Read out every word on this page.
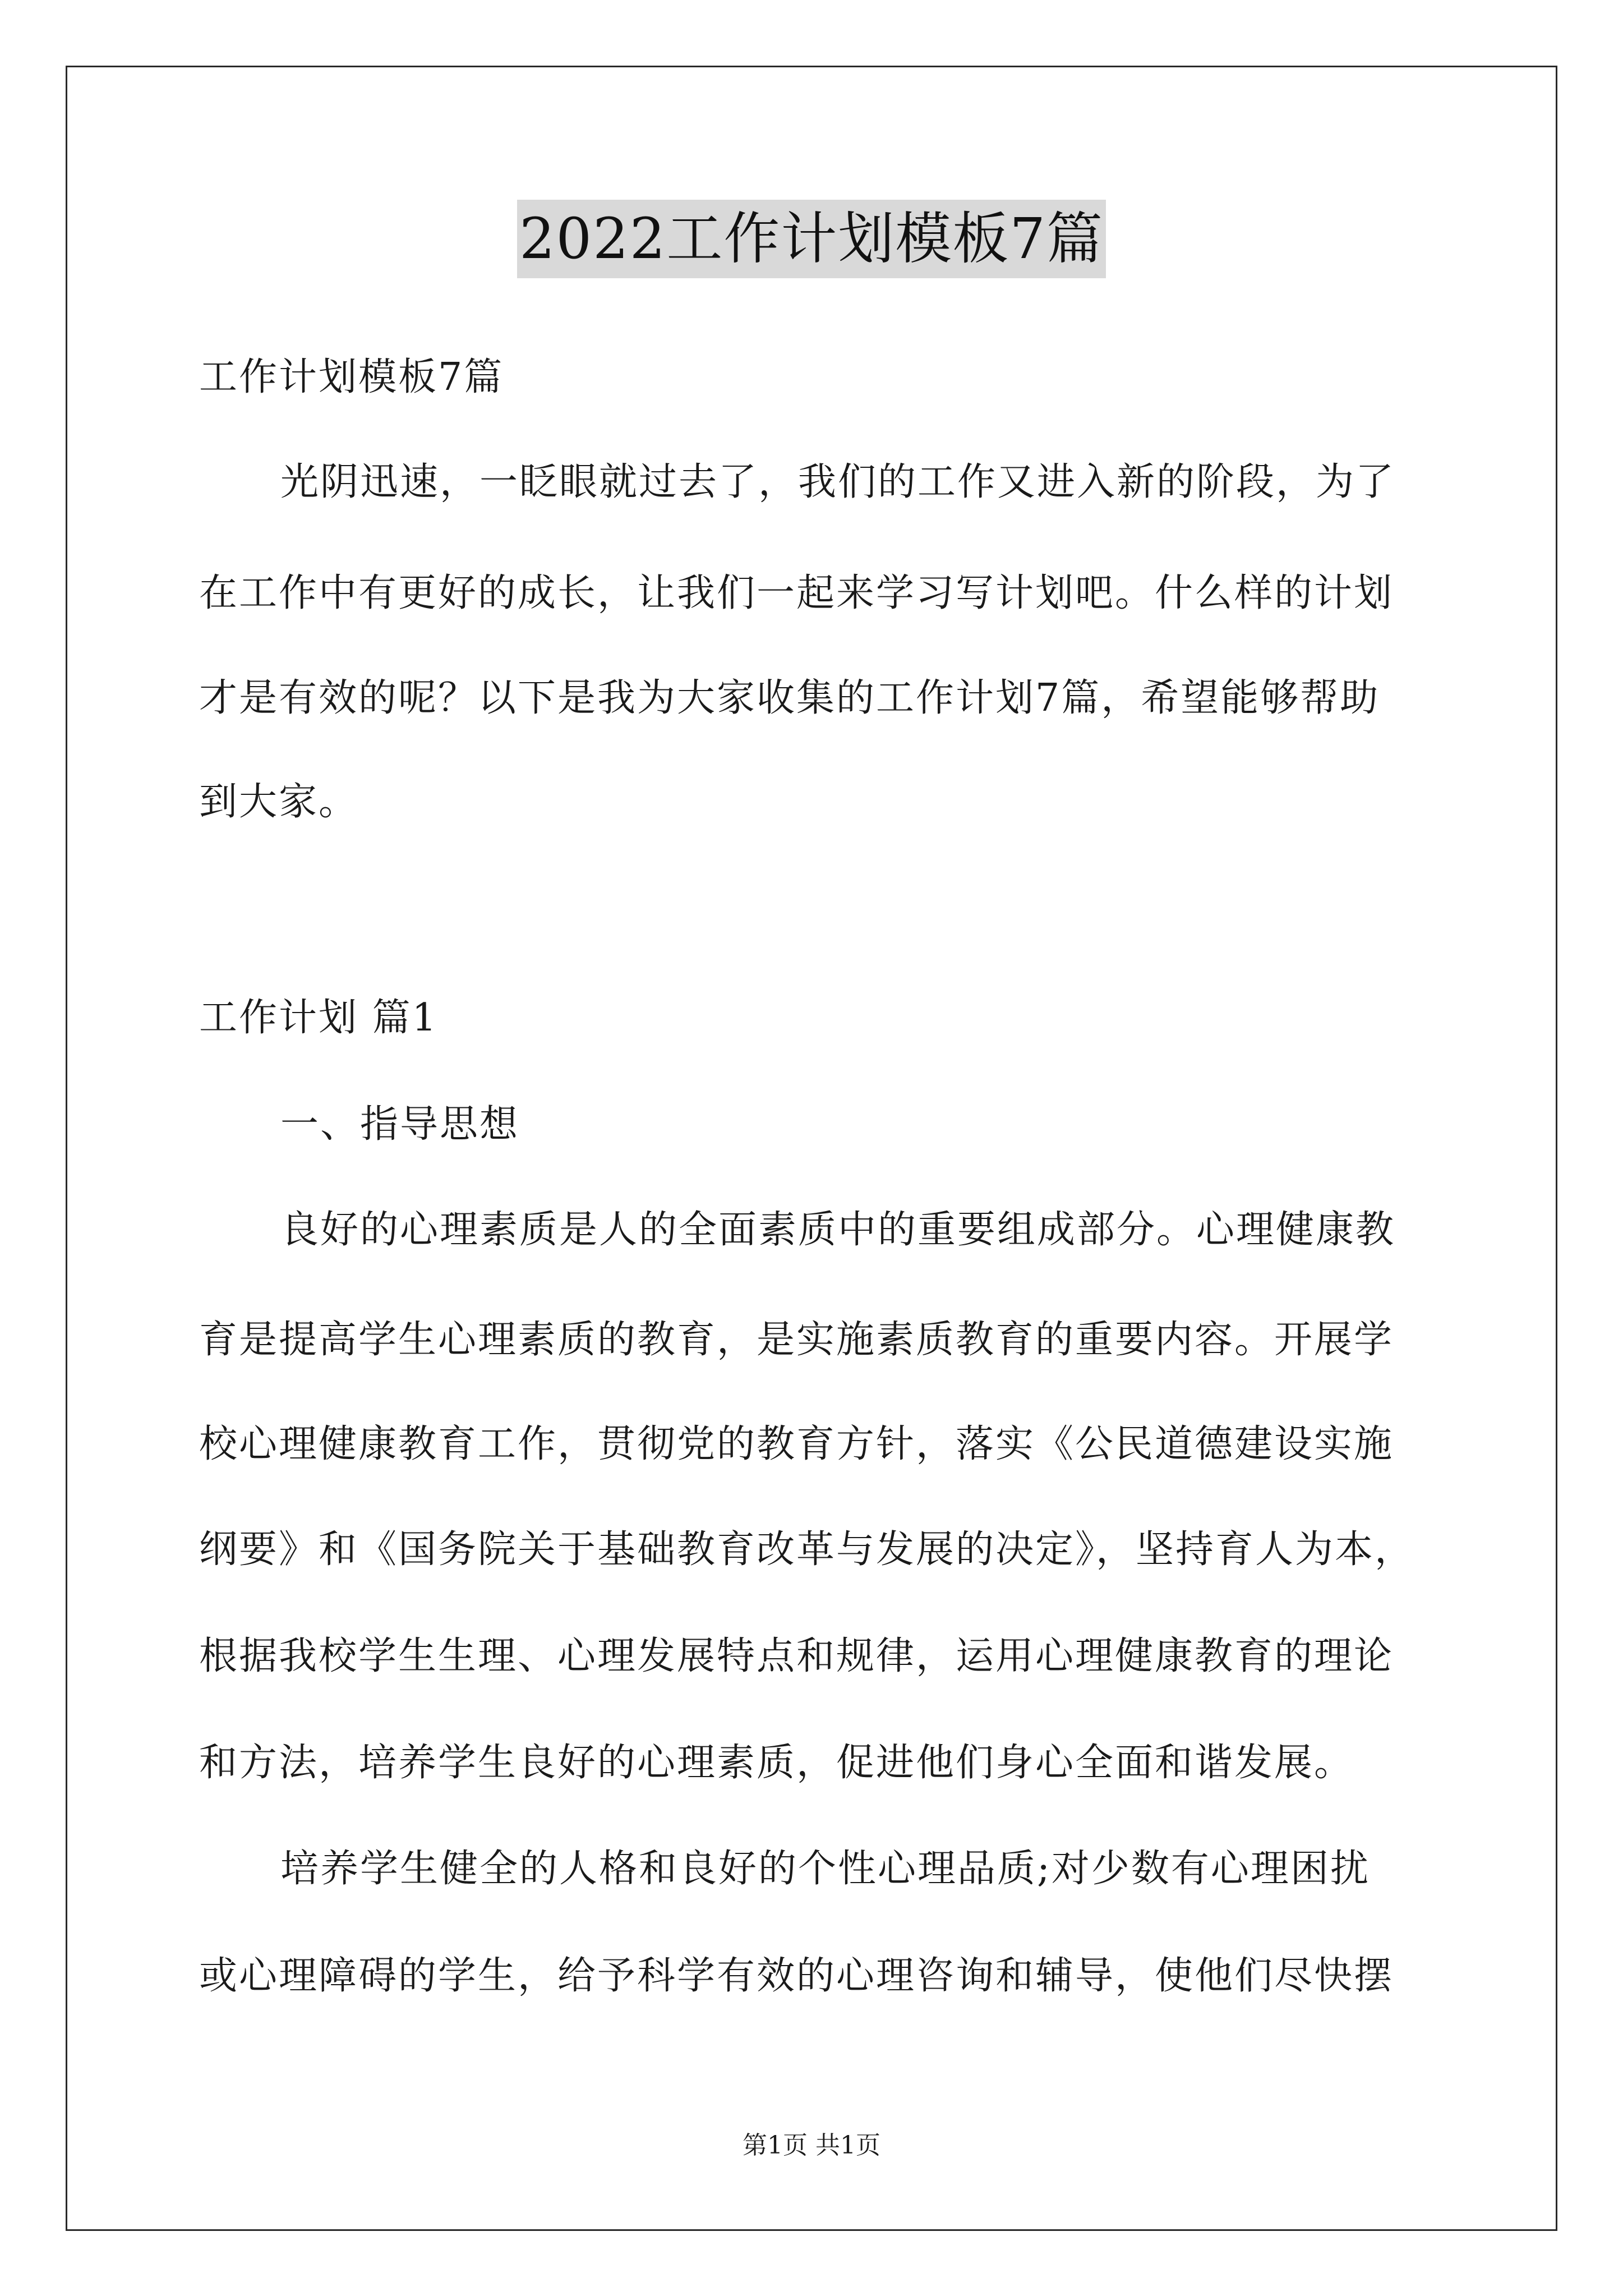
2022工作计划模板7篇
工作计划模板7篇
光阴迅速，一眨眼就过去了，我们的工作又进入新的阶段，为了
在工作中有更好的成长，让我们一起来学习写计划吧。什么样的计划
才是有效的呢？以下是我为大家收集的工作计划7篇，希望能够帮助
到大家。
工作计划 篇1
一、指导思想
良好的心理素质是人的全面素质中的重要组成部分。心理健康教
育是提高学生心理素质的教育，是实施素质教育的重要内容。开展学
校心理健康教育工作，贯彻党的教育方针，落实《公民道德建设实施
纲要》和《国务院关于基础教育改革与发展的决定》，坚持育人为本，
根据我校学生生理、心理发展特点和规律，运用心理健康教育的理论
和方法，培养学生良好的心理素质，促进他们身心全面和谐发展。
培养学生健全的人格和良好的个性心理品质;对少数有心理困扰
或心理障碍的学生，给予科学有效的心理咨询和辅导，使他们尽快摆
第1页 共1页
